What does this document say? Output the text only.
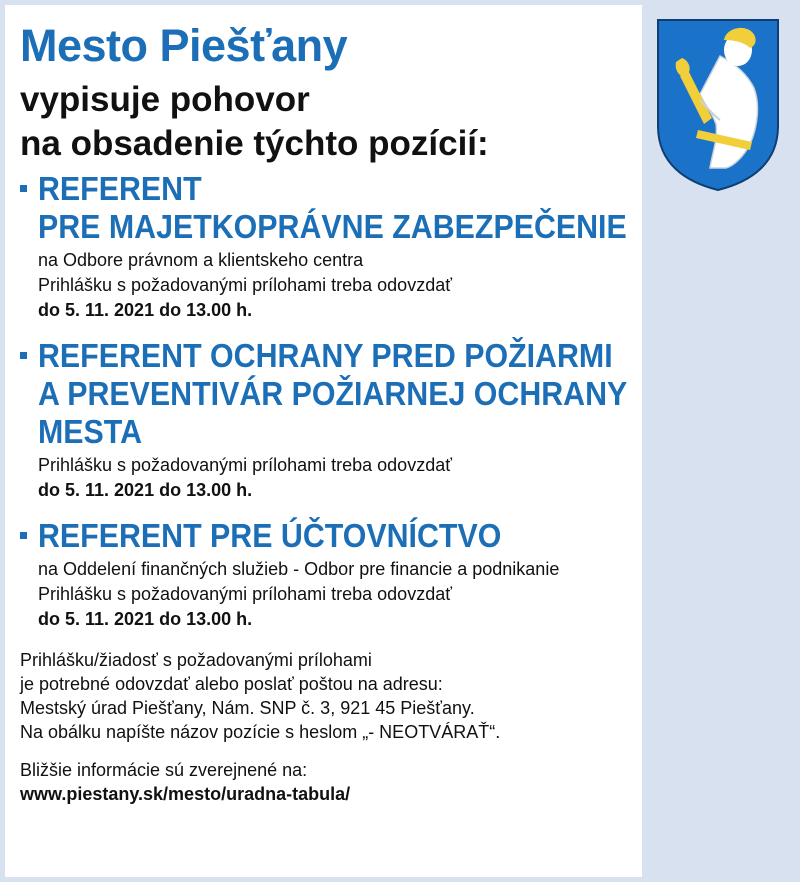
Mesto Piešťany
vypisuje pohovor
na obsadenie týchto pozícií:
REFERENT
PRE MAJETKOPRÁVNE ZABEZPEČENIE
na Odbore právnom a klientskeho centra
Prihlášku s požadovanými prílohami treba odovzdať
do 5. 11. 2021 do 13.00 h.
REFERENT OCHRANY PRED POŽIARMI
A PREVENTIVÁR POŽIARNEJ OCHRANY
MESTA
Prihlášku s požadovanými prílohami treba odovzdať
do 5. 11. 2021 do 13.00 h.
REFERENT PRE ÚČTOVNÍCTVO
na Oddelení finančných služieb - Odbor pre financie a podnikanie
Prihlášku s požadovanými prílohami treba odovzdať
do 5. 11. 2021 do 13.00 h.

Prihlášku/žiadosť s požadovanými prílohami

je potrebné odovzdať alebo poslať poštou na adresu:

Mestský úrad Piešťany, Nám. SNP č. 3, 921 45 Piešťany.

Na obálku napíšte názov pozície s heslom „- NEOTVÁRAŤ“.

Bližšie informácie sú zverejnené na:

www.piestany.sk/mesto/uradna-tabula/
